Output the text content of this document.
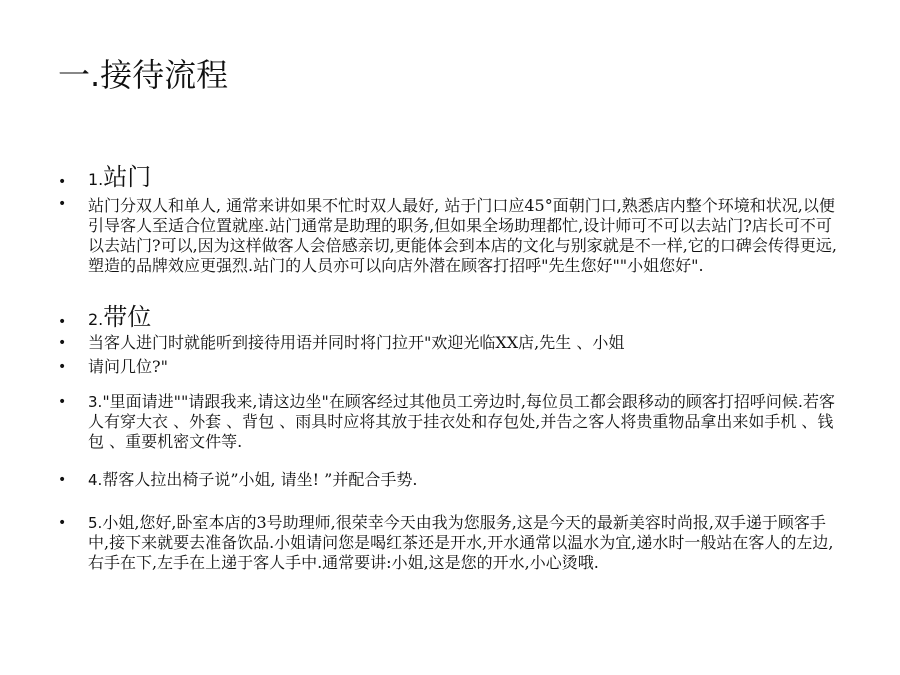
一.接待流程
• 1.站门
• 站门分双人和单人, 通常来讲如果不忙时双人最好, 站于门口应45°面朝门口,熟悉店内整个环境和状况,以便引导客人至适合位置就座.站门通常是助理的职务,但如果全场助理都忙,设计师可不可以去站门?店长可不可以去站门?可以,因为这样做客人会倍感亲切,更能体会到本店的文化与别家就是不一样,它的口碑会传得更远,塑造的品牌效应更强烈.站门的人员亦可以向店外潜在顾客打招呼"先生您好""小姐您好".
• 2.带位
• 当客人进门时就能听到接待用语并同时将门拉开"欢迎光临XX店,先生 、小姐
• 请问几位?"
• 3."里面请进""请跟我来,请这边坐"在顾客经过其他员工旁边时,每位员工都会跟移动的顾客打招呼问候.若客人有穿大衣 、外套 、背包 、雨具时应将其放于挂衣处和存包处,并告之客人将贵重物品拿出来如手机 、钱包 、重要机密文件等.
• 4.帮客人拉出椅子说”小姐, 请坐! ”并配合手势.
• 5.小姐,您好,卧室本店的3号助理师,很荣幸今天由我为您服务,这是今天的最新美容时尚报,双手递于顾客手中,接下来就要去准备饮品.小姐请问您是喝红茶还是开水,开水通常以温水为宜,递水时一般站在客人的左边,右手在下,左手在上递于客人手中.通常要讲:小姐,这是您的开水,小心烫哦.
